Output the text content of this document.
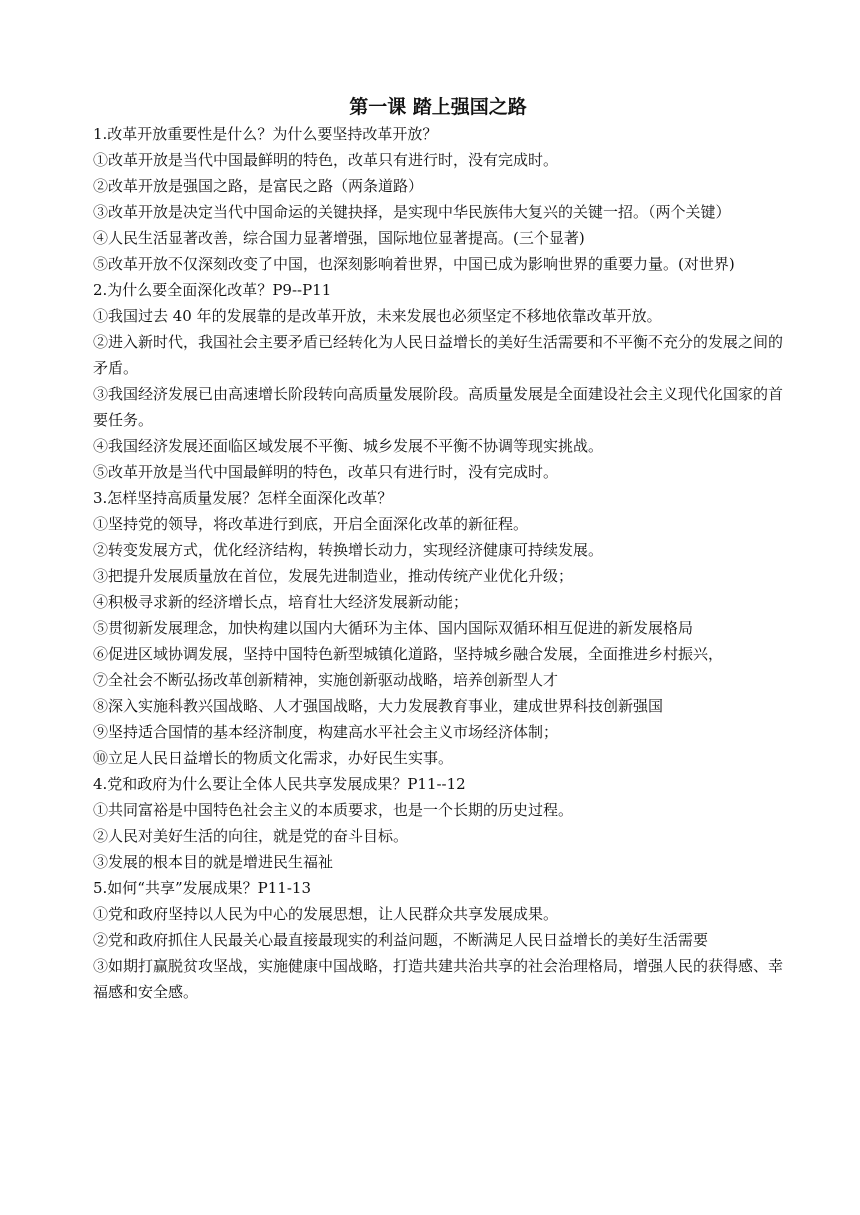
第一课 踏上强国之路

1.改革开放重要性是什么？为什么要坚持改革开放？

①改革开放是当代中国最鲜明的特色，改革只有进行时，没有完成时。

②改革开放是强国之路，是富民之路（两条道路）

③改革开放是决定当代中国命运的关键抉择，是实现中华民族伟大复兴的关键一招。（两个关键）

④人民生活显著改善，综合国力显著增强，国际地位显著提高。(三个显著)

⑤改革开放不仅深刻改变了中国，也深刻影响着世界，中国已成为影响世界的重要力量。(对世界)

2.为什么要全面深化改革？P9--P11

①我国过去 40 年的发展靠的是改革开放，未来发展也必须坚定不移地依靠改革开放。

②进入新时代，我国社会主要矛盾已经转化为人民日益增长的美好生活需要和不平衡不充分的发展之间的矛盾。

③我国经济发展已由高速增长阶段转向高质量发展阶段。高质量发展是全面建设社会主义现代化国家的首要任务。

④我国经济发展还面临区域发展不平衡、城乡发展不平衡不协调等现实挑战。

⑤改革开放是当代中国最鲜明的特色，改革只有进行时，没有完成时。

3.怎样坚持高质量发展？怎样全面深化改革？

①坚持党的领导，将改革进行到底，开启全面深化改革的新征程。

②转变发展方式，优化经济结构，转换增长动力，实现经济健康可持续发展。

③把提升发展质量放在首位，发展先进制造业，推动传统产业优化升级；

④积极寻求新的经济增长点，培育壮大经济发展新动能；

⑤贯彻新发展理念，加快构建以国内大循环为主体、国内国际双循环相互促进的新发展格局

⑥促进区域协调发展，坚持中国特色新型城镇化道路，坚持城乡融合发展，全面推进乡村振兴，

⑦全社会不断弘扬改革创新精神，实施创新驱动战略，培养创新型人才

⑧深入实施科教兴国战略、人才强国战略，大力发展教育事业，建成世界科技创新强国

⑨坚持适合国情的基本经济制度，构建高水平社会主义市场经济体制；

⑩立足人民日益增长的物质文化需求，办好民生实事。

4.党和政府为什么要让全体人民共享发展成果？P11--12

①共同富裕是中国特色社会主义的本质要求，也是一个长期的历史过程。

②人民对美好生活的向往，就是党的奋斗目标。

③发展的根本目的就是增进民生福祉

5.如何“共享”发展成果？P11-13

①党和政府坚持以人民为中心的发展思想，让人民群众共享发展成果。

②党和政府抓住人民最关心最直接最现实的利益问题，不断满足人民日益增长的美好生活需要

③如期打赢脱贫攻坚战，实施健康中国战略，打造共建共治共享的社会治理格局，增强人民的获得感、幸福感和安全感。
